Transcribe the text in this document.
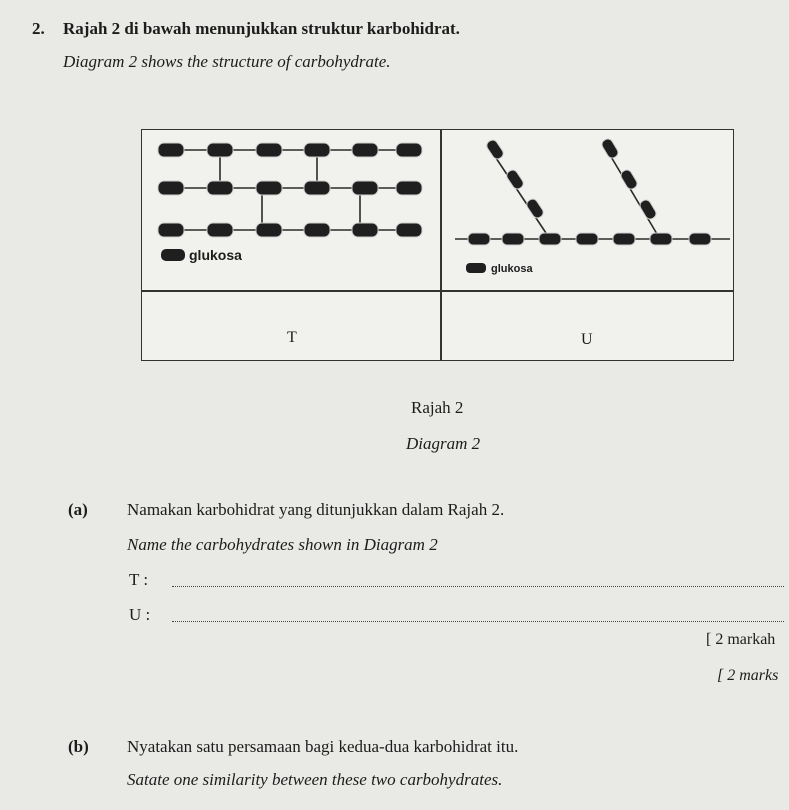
2. Rajah 2 di bawah menunjukkan struktur karbohidrat.
Diagram 2 shows the structure of carbohydrate.
glukosa
glukosa
T	U
Rajah 2
Diagram 2
(a) Namakan karbohidrat yang ditunjukkan dalam Rajah 2.
Name the carbohydrates shown in Diagram 2
T :
U :
[ 2 markah
[ 2 marks
(b) Nyatakan satu persamaan bagi kedua-dua karbohidrat itu.
Satate one similarity between these two carbohydrates.
